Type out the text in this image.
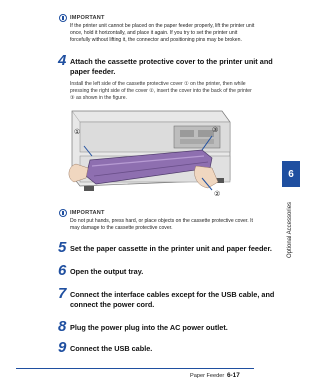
IMPORTANT
If the printer unit cannot be placed on the paper feeder properly, lift the printer unit
once, hold it horizontally, and place it again. If you try to set the printer unit
forcefully without lifting it, the connector and positioning pins may be broken.
4 Attach the cassette protective cover to the printer unit and
paper feeder.
Install the left side of the cassette protective cover ① on the printer, then while
pressing the right side of the cover ②, insert the cover into the back of the printer
③ as shown in the figure.
①	③
②
IMPORTANT
Do not put hands, press hard, or place objects on the cassette protective cover. It
may damage to the cassette protective cover.
5 Set the paper cassette in the printer unit and paper feeder.
6 Open the output tray.
7 Connect the interface cables except for the USB cable, and
connect the power cord.
8 Plug the power plug into the AC power outlet.
9 Connect the USB cable.
6
Optional Accessories
Paper Feeder 6-17
